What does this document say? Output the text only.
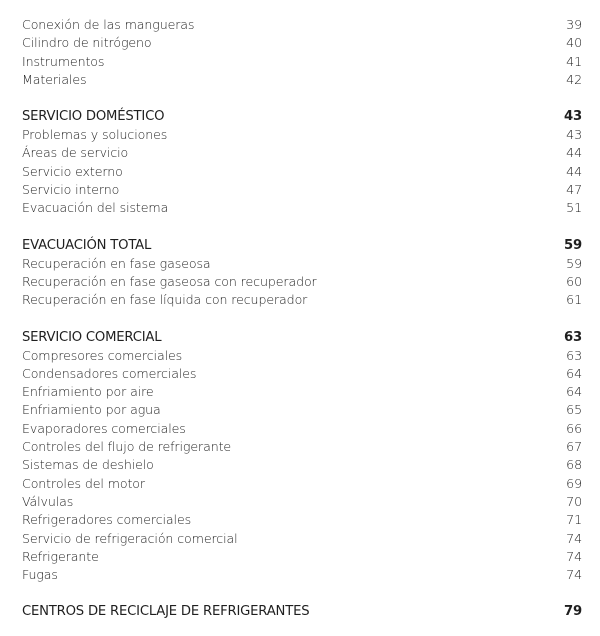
Conexión de las mangueras	39
Cilindro de nitrógeno	40
Instrumentos	41
Materiales	42
SERVICIO DOMÉSTICO	43
Problemas y soluciones	43
Áreas de servicio	44
Servicio externo	44
Servicio interno	47
Evacuación del sistema	51
EVACUACIÓN TOTAL	59
Recuperación en fase gaseosa	59
Recuperación en fase gaseosa con recuperador	60
Recuperación en fase líquida con recuperador	61
SERVICIO COMERCIAL	63
Compresores comerciales	63
Condensadores comerciales	64
Enfriamiento por aire	64
Enfriamiento por agua	65
Evaporadores comerciales	66
Controles del flujo de refrigerante	67
Sistemas de deshielo	68
Controles del motor	69
Válvulas	70
Refrigeradores comerciales	71
Servicio de refrigeración comercial	74
Refrigerante	74
Fugas	74
CENTROS DE RECICLAJE DE REFRIGERANTES	79
